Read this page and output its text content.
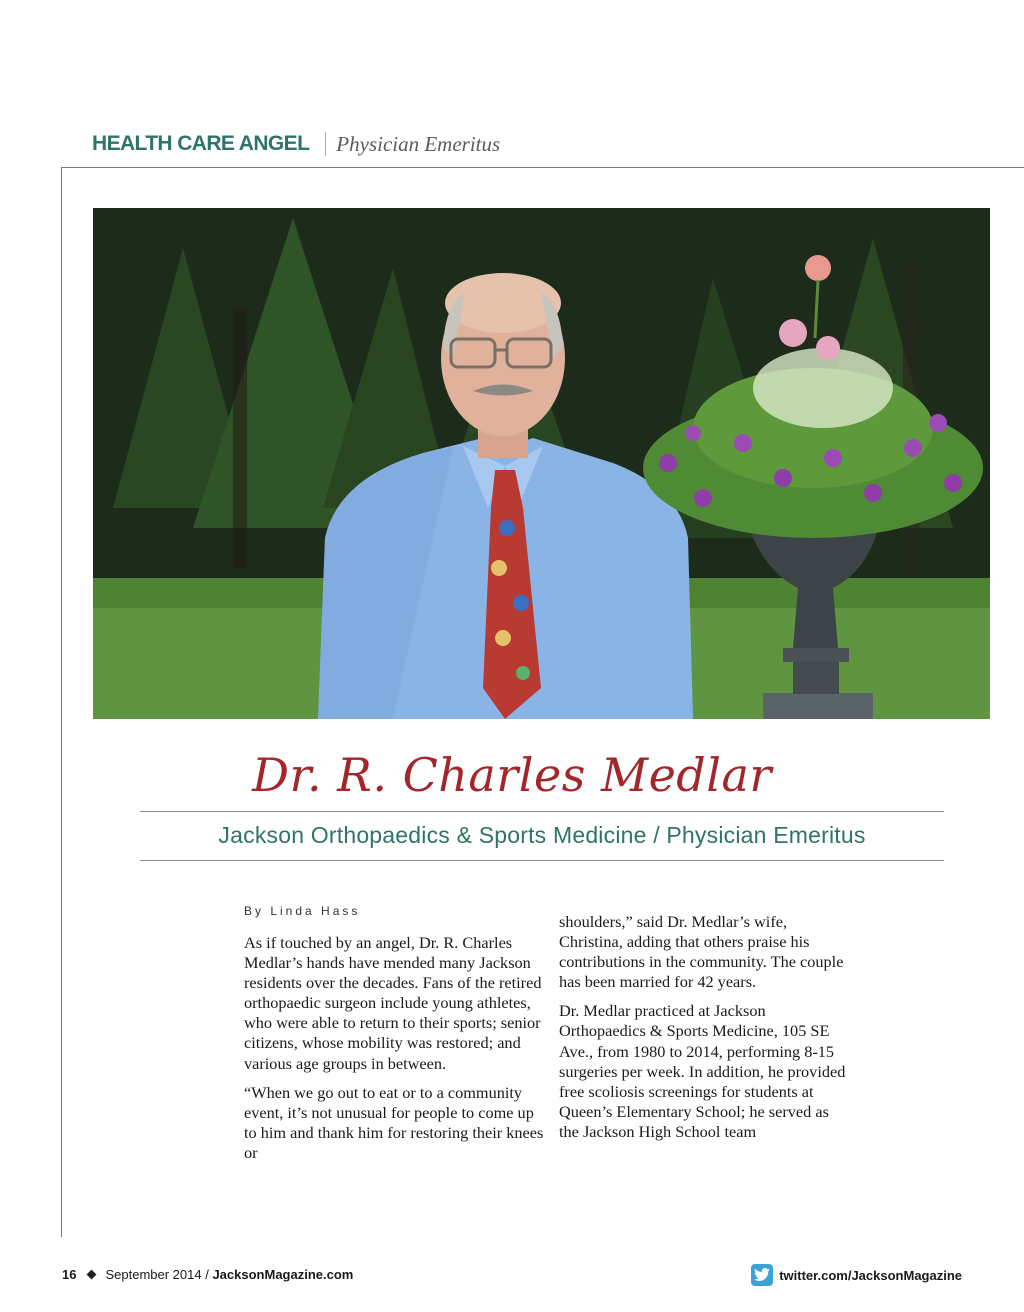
HEALTH CARE ANGEL Physician Emeritus
Dr. R. Charles Medlar
Jackson Orthopaedics & Sports Medicine / Physician Emeritus
By Linda Hass

As if touched by an angel, Dr. R. Charles Medlar’s hands have mended many Jackson residents over the decades. Fans of the retired orthopaedic surgeon include young athletes, who were able to return to their sports; senior citizens, whose mobility was restored; and various age groups in between.

“When we go out to eat or to a community event, it’s not unusual for people to come up to him and thank him for restoring their knees or

shoulders,” said Dr. Medlar’s wife, Christina, adding that others praise his contributions in the community. The couple has been married for 42 years.

Dr. Medlar practiced at Jackson Orthopaedics & Sports Medicine, 105 SE Ave., from 1980 to 2014, performing 8-15 surgeries per week. In addition, he provided free scoliosis screenings for students at Queen’s Elementary School; he served as the Jackson High School team

16 September 2014 /
JacksonMagazine.com	twitter.com/JacksonMagazine
